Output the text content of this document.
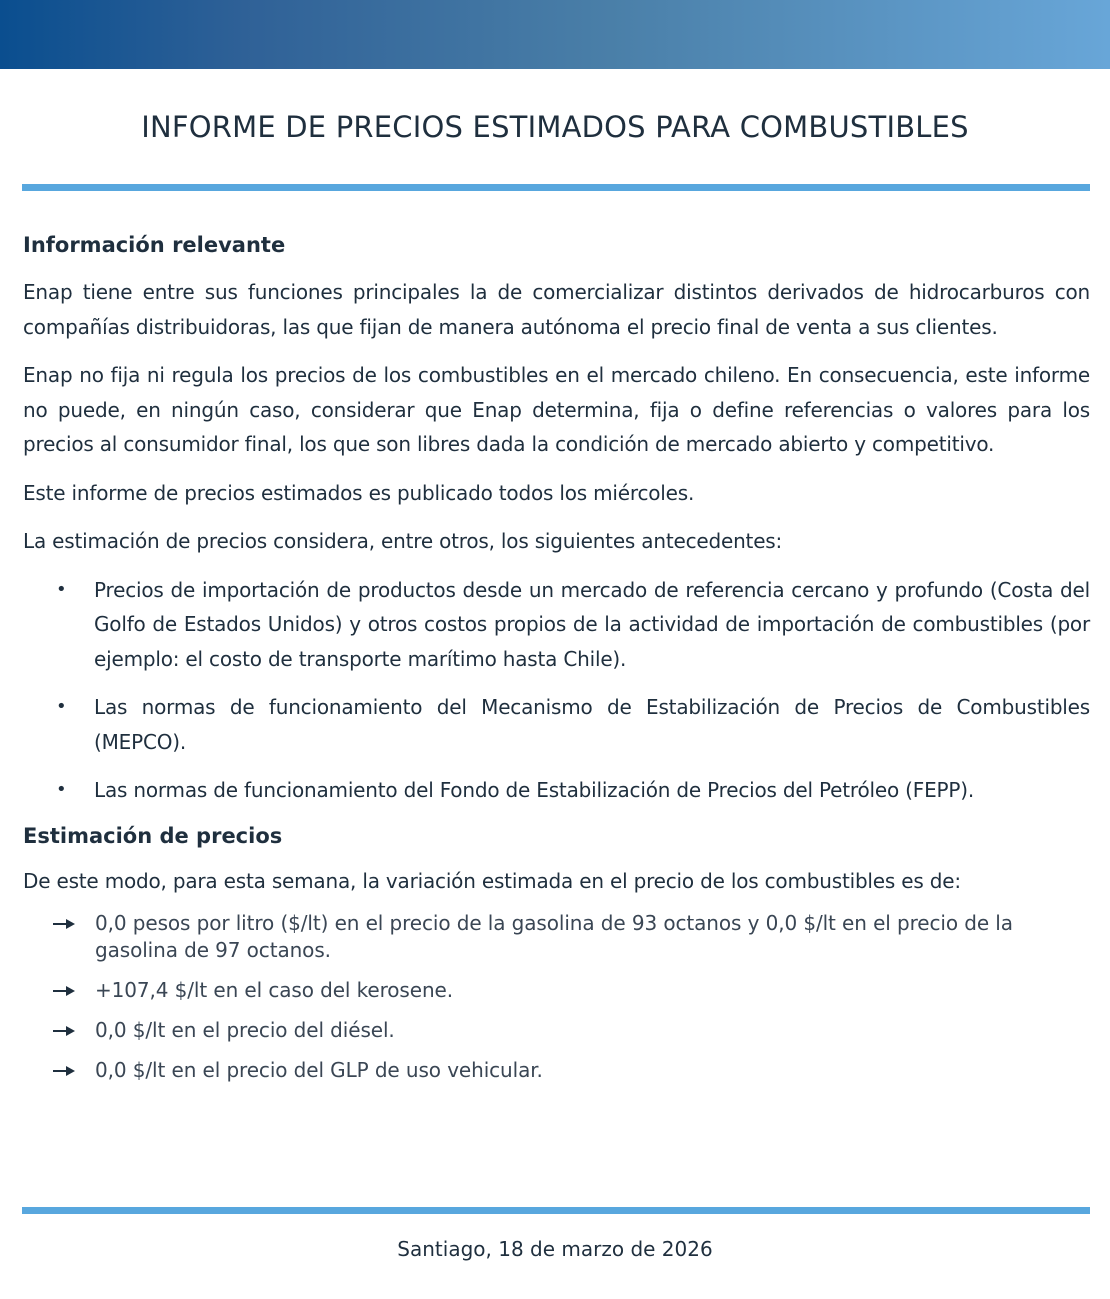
INFORME DE PRECIOS ESTIMADOS PARA COMBUSTIBLES
Información relevante

Enap tiene entre sus funciones principales la de comercializar distintos derivados de hidrocarburos con compañías distribuidoras, las que fijan de manera autónoma el precio final de venta a sus clientes.

Enap no fija ni regula los precios de los combustibles en el mercado chileno. En consecuencia, este informe no puede, en ningún caso, considerar que Enap determina, fija o define referencias o valores para los precios al consumidor final, los que son libres dada la condición de mercado abierto y competitivo.

Este informe de precios estimados es publicado todos los miércoles.

La estimación de precios considera, entre otros, los siguientes antecedentes:

• Precios de importación de productos desde un mercado de referencia cercano y profundo (Costa del Golfo de Estados Unidos) y otros costos propios de la actividad de importación de combustibles (por ejemplo: el costo de transporte marítimo hasta Chile).
• Las normas de funcionamiento del Mecanismo de Estabilización de Precios de Combustibles (MEPCO).
• Las normas de funcionamiento del Fondo de Estabilización de Precios del Petróleo (FEPP).
Estimación de precios

De este modo, para esta semana, la variación estimada en el precio de los combustibles es de:

0,0 pesos por litro ($/lt) en el precio de la gasolina de 93 octanos y 0,0 $/lt en el precio de la gasolina de 97 octanos.
+107,4 $/lt en el caso del kerosene.
0,0 $/lt en el precio del diésel.
0,0 $/lt en el precio del GLP de uso vehicular.
Santiago, 18 de marzo de 2026
